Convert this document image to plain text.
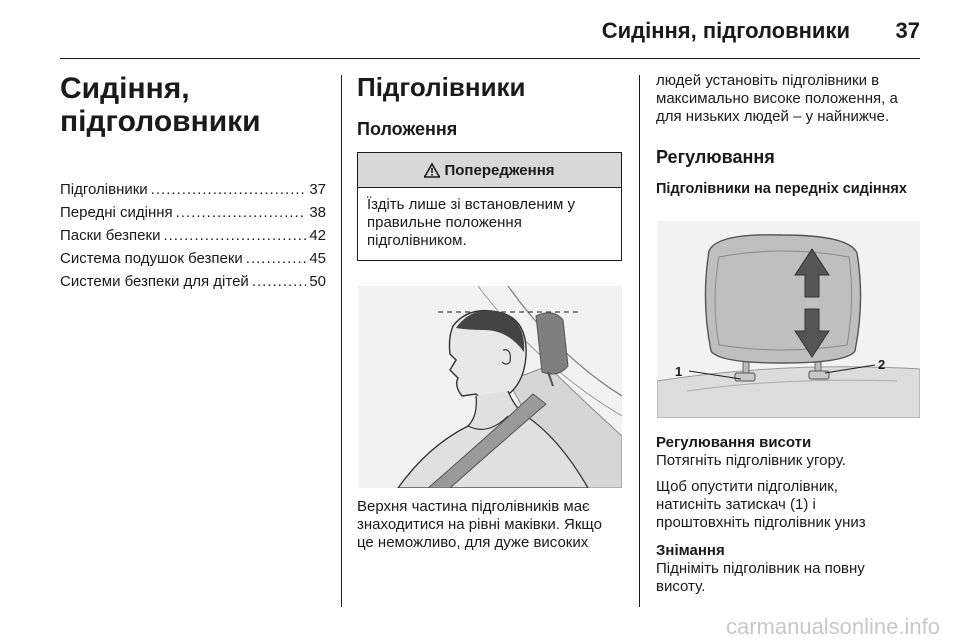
Сидіння, підголовники 37
Сидіння,
підголовники
Підголівники .....	37
Передні сидіння .....	38
Паски безпеки .....	42
Система подушок безпеки .....	45
Системи безпеки для дітей .....	50
Підголівники
Положення
Попередження
Їздіть лише зі встановленим у правильне положення підголівником.

Верхня частина підголівників має

знаходитися на рівні маківки. Якщо

це неможливо, для дуже високих

людей установіть підголівники в

максимально високе положення, а

для низьких людей – у найнижче.

Регулювання

Підголівники на передніх сидіннях

1	2

Регулювання висоти

Потягніть підголівник угору.

Щоб опустити підголівник,

натисніть затискач (1) і

проштовхніть підголівник униз

Знімання

Підніміть підголівник на повну

висоту.

carmanualsonline.info
